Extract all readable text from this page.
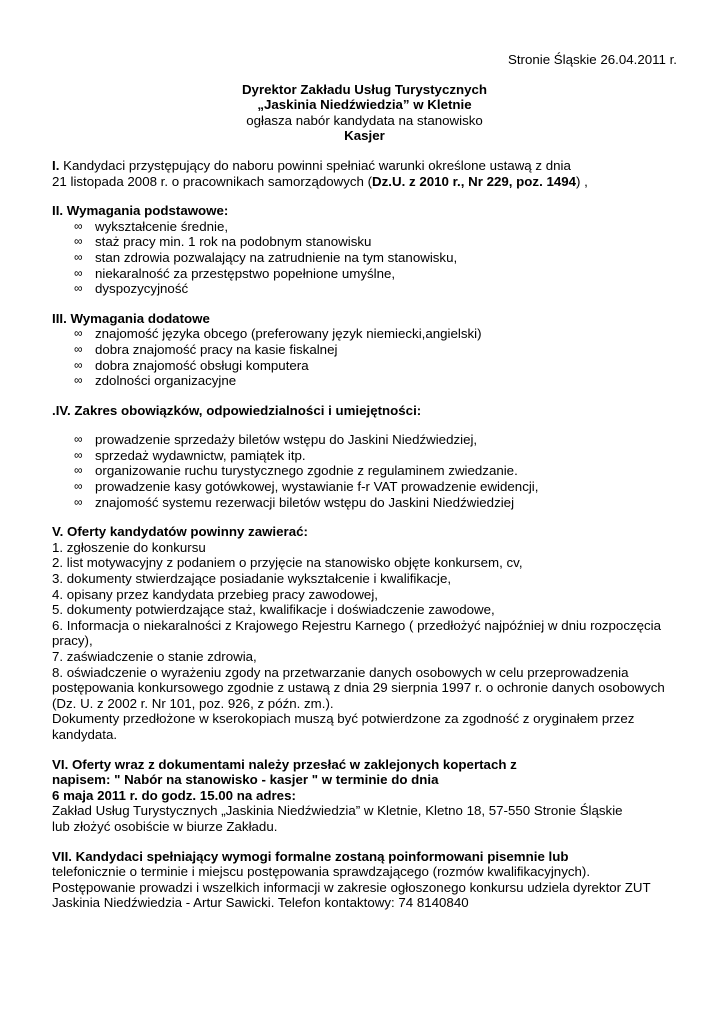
Stronie Śląskie 26.04.2011 r.

Dyrektor Zakładu Usług Turystycznych

„Jaskinia Niedźwiedzia” w Kletnie

ogłasza nabór kandydata na stanowisko

Kasjer

I. Kandydaci przystępujący do naboru powinni spełniać warunki określone ustawą z dnia

21 listopada 2008 r. o pracownikach samorządowych (Dz.U. z 2010 r., Nr 229, poz. 1494) ,

II. Wymagania podstawowe:

∞ wykształcenie średnie,
∞ staż pracy min. 1 rok na podobnym stanowisku
∞ stan zdrowia pozwalający na zatrudnienie na tym stanowisku,
∞ niekaralność za przestępstwo popełnione umyślne,
∞ dyspozycyjność

III. Wymagania dodatowe

∞ znajomość języka obcego (preferowany język niemiecki,angielski)
∞ dobra znajomość pracy na kasie fiskalnej
∞ dobra znajomość obsługi komputera
∞ zdolności organizacyjne

.IV. Zakres obowiązków, odpowiedzialności i umiejętności:

∞ prowadzenie sprzedaży biletów wstępu do Jaskini Niedźwiedziej,
∞ sprzedaż wydawnictw, pamiątek itp.
∞ organizowanie ruchu turystycznego zgodnie z regulaminem zwiedzanie.
∞ prowadzenie kasy gotówkowej, wystawianie f-r VAT prowadzenie ewidencji,
∞ znajomość systemu rezerwacji biletów wstępu do Jaskini Niedźwiedziej

V. Oferty kandydatów powinny zawierać:

1. zgłoszenie do konkursu
2. list motywacyjny z podaniem o przyjęcie na stanowisko objęte konkursem, cv,
3. dokumenty stwierdzające posiadanie wykształcenie i kwalifikacje,
4. opisany przez kandydata przebieg pracy zawodowej,
5. dokumenty potwierdzające staż, kwalifikacje i doświadczenie zawodowe,
6. Informacja o niekaralności z Krajowego Rejestru Karnego ( przedłożyć najpóźniej w dniu rozpoczęcia pracy),
7. zaświadczenie o stanie zdrowia,
8. oświadczenie o wyrażeniu zgody na przetwarzanie danych osobowych w celu przeprowadzenia postępowania konkursowego zgodnie z ustawą z dnia 29 sierpnia 1997 r. o ochronie danych osobowych (Dz. U. z 2002 r. Nr 101, poz. 926, z późn. zm.).

Dokumenty przedłożone w kserokopiach muszą być potwierdzone za zgodność z oryginałem przez kandydata.

VI. Oferty wraz z dokumentami należy przesłać w zaklejonych kopertach z

napisem: " Nabór na stanowisko - kasjer " w terminie do dnia

6 maja 2011 r. do godz. 15.00 na adres:

Zakład Usług Turystycznych „Jaskinia Niedźwiedzia” w Kletnie, Kletno 18, 57-550 Stronie Śląskie

lub złożyć osobiście w biurze Zakładu.

VII. Kandydaci spełniający wymogi formalne zostaną poinformowani pisemnie lub

telefonicznie o terminie i miejscu postępowania sprawdzającego (rozmów kwalifikacyjnych).

Postępowanie prowadzi i wszelkich informacji w zakresie ogłoszonego konkursu udziela dyrektor ZUT

Jaskinia Niedźwiedzia - Artur Sawicki. Telefon kontaktowy: 74 8140840
